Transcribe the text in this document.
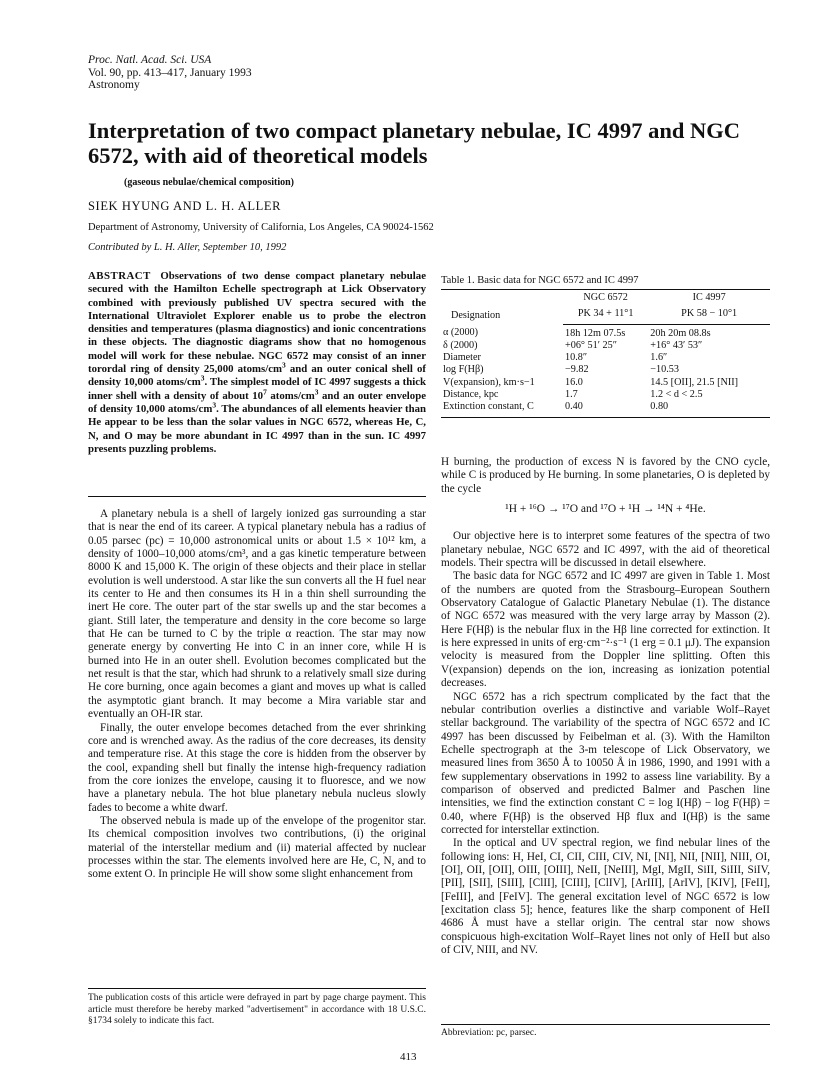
Proc. Natl. Acad. Sci. USA
Vol. 90, pp. 413–417, January 1993
Astronomy
Interpretation of two compact planetary nebulae, IC 4997 and NGC 6572, with aid of theoretical models
(gaseous nebulae/chemical composition)
SIEK HYUNG AND L. H. ALLER
Department of Astronomy, University of California, Los Angeles, CA 90024-1562
Contributed by L. H. Aller, September 10, 1992
ABSTRACT Observations of two dense compact planetary nebulae secured with the Hamilton Echelle spectrograph at Lick Observatory combined with previously published UV spectra secured with the International Ultraviolet Explorer enable us to probe the electron densities and temperatures (plasma diagnostics) and ionic concentrations in these objects. The diagnostic diagrams show that no homogenous model will work for these nebulae. NGC 6572 may consist of an inner torordal ring of density 25,000 atoms/$cm^3$ and an outer conical shell of density 10,000 atoms/$cm^3$. The simplest model of IC 4997 suggests a thick inner shell with a density of about $10^7$ atoms/$cm^3$ and an outer envelope of density 10,000 atoms/$cm^3$. The abundances of all elements heavier than He appear to be less than the solar values in NGC 6572, whereas He, C, N, and O may be more abundant in IC 4997 than in the sun. IC 4997 presents puzzling problems.
Table 1. Basic data for NGC 6572 and IC 4997
Designation	NGC 6572	IC 4997
	PK 34 + 11°1	PK 58 − 10°1
α (2000)	18h 12m 07.5s	20h 20m 08.8s
δ (2000)	+06° 51′ 25″	+16° 43′ 53″
Diameter	10.8″	1.6″
log F(Hβ)	−9.82	−10.53
V(expansion), km·s−1	16.0	14.5 [OII], 21.5 [NII]
Distance, kpc	1.7	1.2 < d < 2.5
Extinction constant, C	0.40	0.80

A planetary nebula is a shell of largely ionized gas surrounding a star that is near the end of its career. A typical planetary nebula has a radius of 0.05 parsec (pc) = 10,000 astronomical units or about 1.5 × 10¹² km, a density of 1000–10,000 atoms/cm³, and a gas kinetic temperature between 8000 K and 15,000 K. The origin of these objects and their place in stellar evolution is well understood. A star like the sun converts all the H fuel near its center to He and then consumes its H in a thin shell surrounding the inert He core. The outer part of the star swells up and the star becomes a giant. Still later, the temperature and density in the core become so large that He can be turned to C by the triple α reaction. The star may now generate energy by converting He into C in an inner core, while H is burned into He in an outer shell. Evolution becomes complicated but the net result is that the star, which had shrunk to a relatively small size during He core burning, once again becomes a giant and moves up what is called the asymptotic giant branch. It may become a Mira variable star and eventually an OH-IR star.

Finally, the outer envelope becomes detached from the ever shrinking core and is wrenched away. As the radius of the core decreases, its density and temperature rise. At this stage the core is hidden from the observer by the cool, expanding shell but finally the intense high-frequency radiation from the core ionizes the envelope, causing it to fluoresce, and we now have a planetary nebula. The hot blue planetary nebula nucleus slowly fades to become a white dwarf.

The observed nebula is made up of the envelope of the progenitor star. Its chemical composition involves two contributions, (i) the original material of the interstellar medium and (ii) material affected by nuclear processes within the star. The elements involved here are He, C, N, and to some extent O. In principle He will show some slight enhancement from

H burning, the production of excess N is favored by the CNO cycle, while C is produced by He burning. In some planetaries, O is depleted by the cycle

¹H + ¹⁶O → ¹⁷O and ¹⁷O + ¹H → ¹⁴N + ⁴He.

Our objective here is to interpret some features of the spectra of two planetary nebulae, NGC 6572 and IC 4997, with the aid of theoretical models. Their spectra will be discussed in detail elsewhere.

The basic data for NGC 6572 and IC 4997 are given in Table 1. Most of the numbers are quoted from the Strasbourg–European Southern Observatory Catalogue of Galactic Planetary Nebulae (1). The distance of NGC 6572 was measured with the very large array by Masson (2). Here F(Hβ) is the nebular flux in the Hβ line corrected for extinction. It is here expressed in units of erg·cm⁻²·s⁻¹ (1 erg = 0.1 μJ). The expansion velocity is measured from the Doppler line splitting. Often this V(expansion) depends on the ion, increasing as ionization potential decreases.

NGC 6572 has a rich spectrum complicated by the fact that the nebular contribution overlies a distinctive and variable Wolf–Rayet stellar background. The variability of the spectra of NGC 6572 and IC 4997 has been discussed by Feibelman et al. (3). With the Hamilton Echelle spectrograph at the 3-m telescope of Lick Observatory, we measured lines from 3650 Å to 10050 Å in 1986, 1990, and 1991 with a few supplementary observations in 1992 to assess line variability. By a comparison of observed and predicted Balmer and Paschen line intensities, we find the extinction constant C = log I(Hβ) − log F(Hβ) = 0.40, where F(Hβ) is the observed Hβ flux and I(Hβ) is the same corrected for interstellar extinction.

In the optical and UV spectral region, we find nebular lines of the following ions: H, HeI, CI, CII, CIII, CIV, NI, [NI], NII, [NII], NIII, OI, [OI], OII, [OII], OIII, [OIII], NeII, [NeIII], MgI, MgII, SiII, SiIII, SiIV, [PII], [SII], [SIII], [ClII], [CIII], [ClIV], [ArIII], [ArIV], [KIV], [FeII], [FeIII], and [FeIV]. The general excitation level of NGC 6572 is low [excitation class 5]; hence, features like the sharp component of HeII 4686 Å must have a stellar origin. The central star now shows conspicuous high-excitation Wolf–Rayet lines not only of HeII but also of CIV, NIII, and NV.

The publication costs of this article were defrayed in part by page charge payment. This article must therefore be hereby marked "advertisement" in accordance with 18 U.S.C. §1734 solely to indicate this fact.
Abbreviation: pc, parsec.
413
